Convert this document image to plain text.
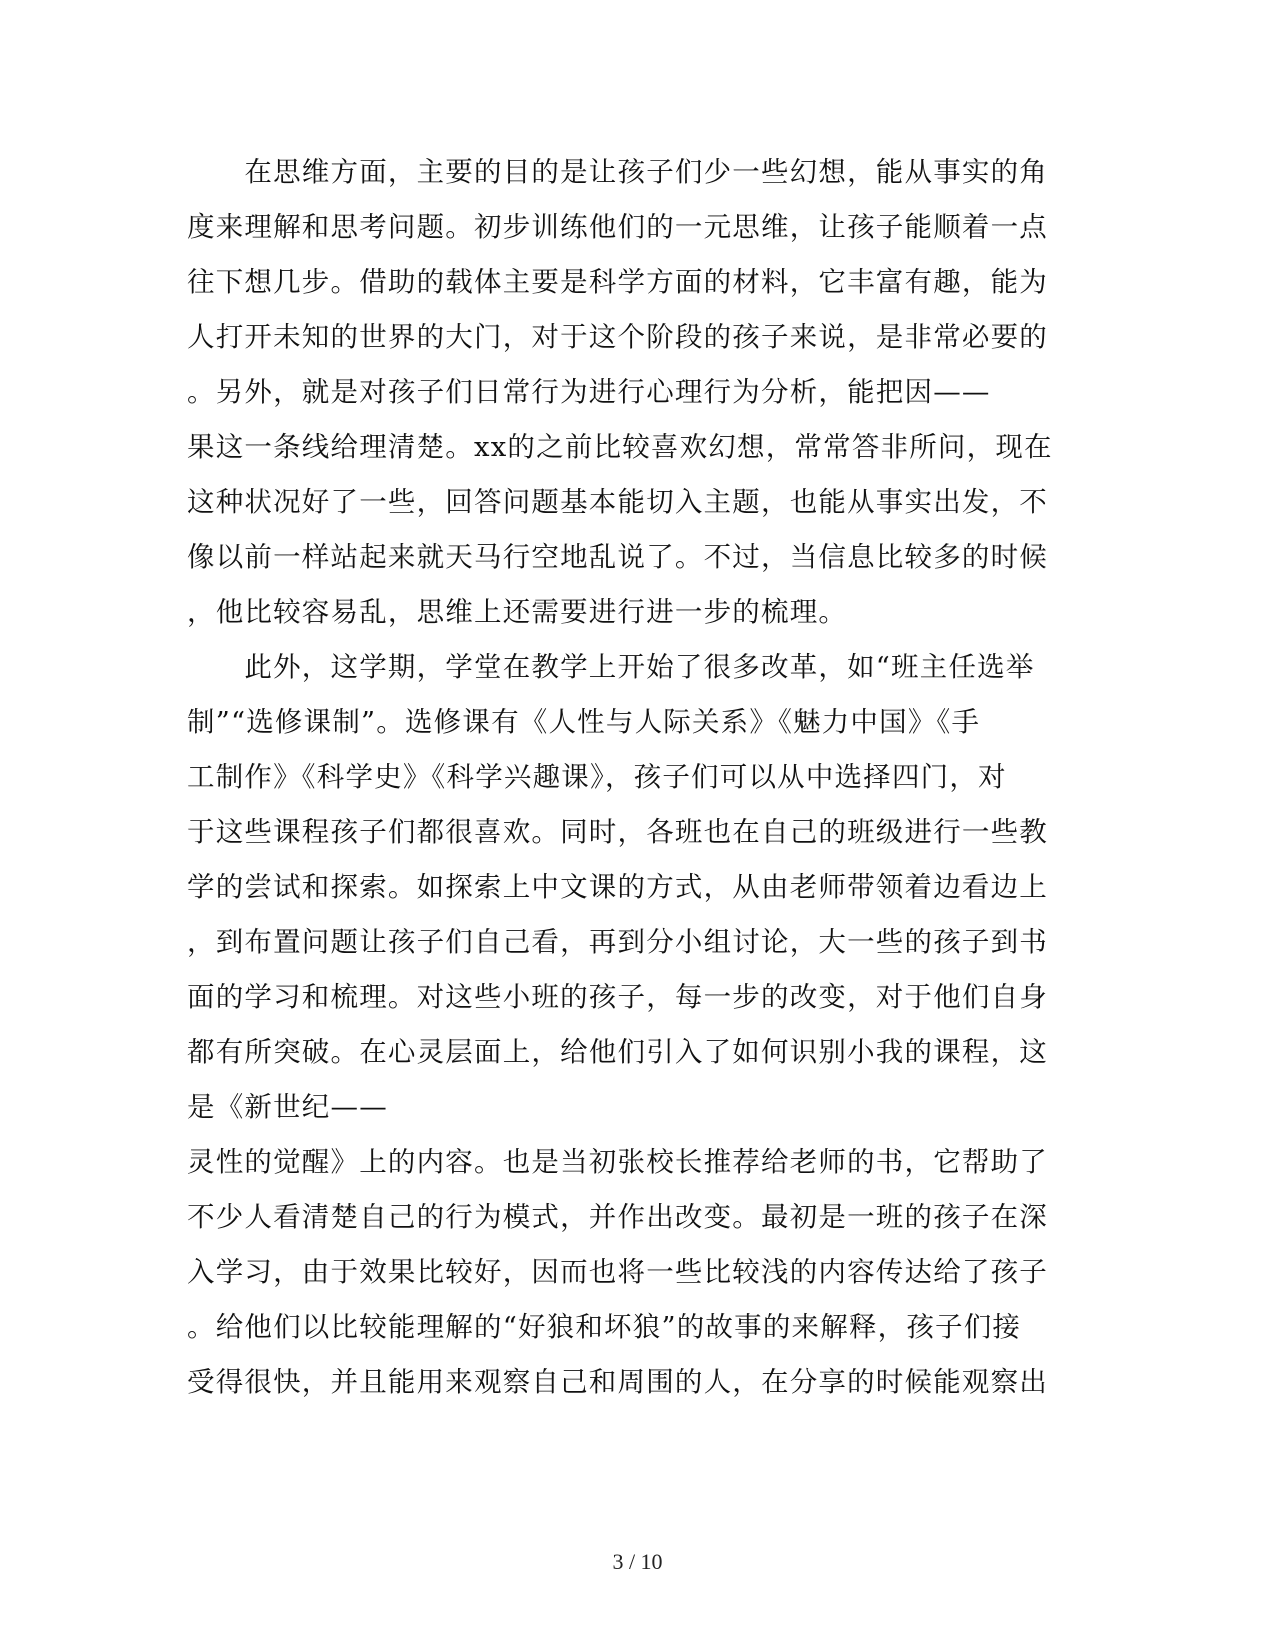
　　在思维方面，主要的目的是让孩子们少一些幻想，能从事实的角
度来理解和思考问题。初步训练他们的一元思维，让孩子能顺着一点
往下想几步。借助的载体主要是科学方面的材料，它丰富有趣，能为
人打开未知的世界的大门，对于这个阶段的孩子来说，是非常必要的
。另外，就是对孩子们日常行为进行心理行为分析，能把因——
果这一条线给理清楚。xx的之前比较喜欢幻想，常常答非所问，现在
这种状况好了一些，回答问题基本能切入主题，也能从事实出发，不
像以前一样站起来就天马行空地乱说了。不过，当信息比较多的时候
，他比较容易乱，思维上还需要进行进一步的梳理。
　　此外，这学期，学堂在教学上开始了很多改革，如“班主任选举
制”“选修课制”。选修课有《人性与人际关系》《魅力中国》《手
工制作》《科学史》《科学兴趣课》，孩子们可以从中选择四门，对
于这些课程孩子们都很喜欢。同时，各班也在自己的班级进行一些教
学的尝试和探索。如探索上中文课的方式，从由老师带领着边看边上
，到布置问题让孩子们自己看，再到分小组讨论，大一些的孩子到书
面的学习和梳理。对这些小班的孩子，每一步的改变，对于他们自身
都有所突破。在心灵层面上，给他们引入了如何识别小我的课程，这
是《新世纪——
灵性的觉醒》上的内容。也是当初张校长推荐给老师的书，它帮助了
不少人看清楚自己的行为模式，并作出改变。最初是一班的孩子在深
入学习，由于效果比较好，因而也将一些比较浅的内容传达给了孩子
。给他们以比较能理解的“好狼和坏狼”的故事的来解释，孩子们接
受得很快，并且能用来观察自己和周围的人，在分享的时候能观察出
3 / 10
